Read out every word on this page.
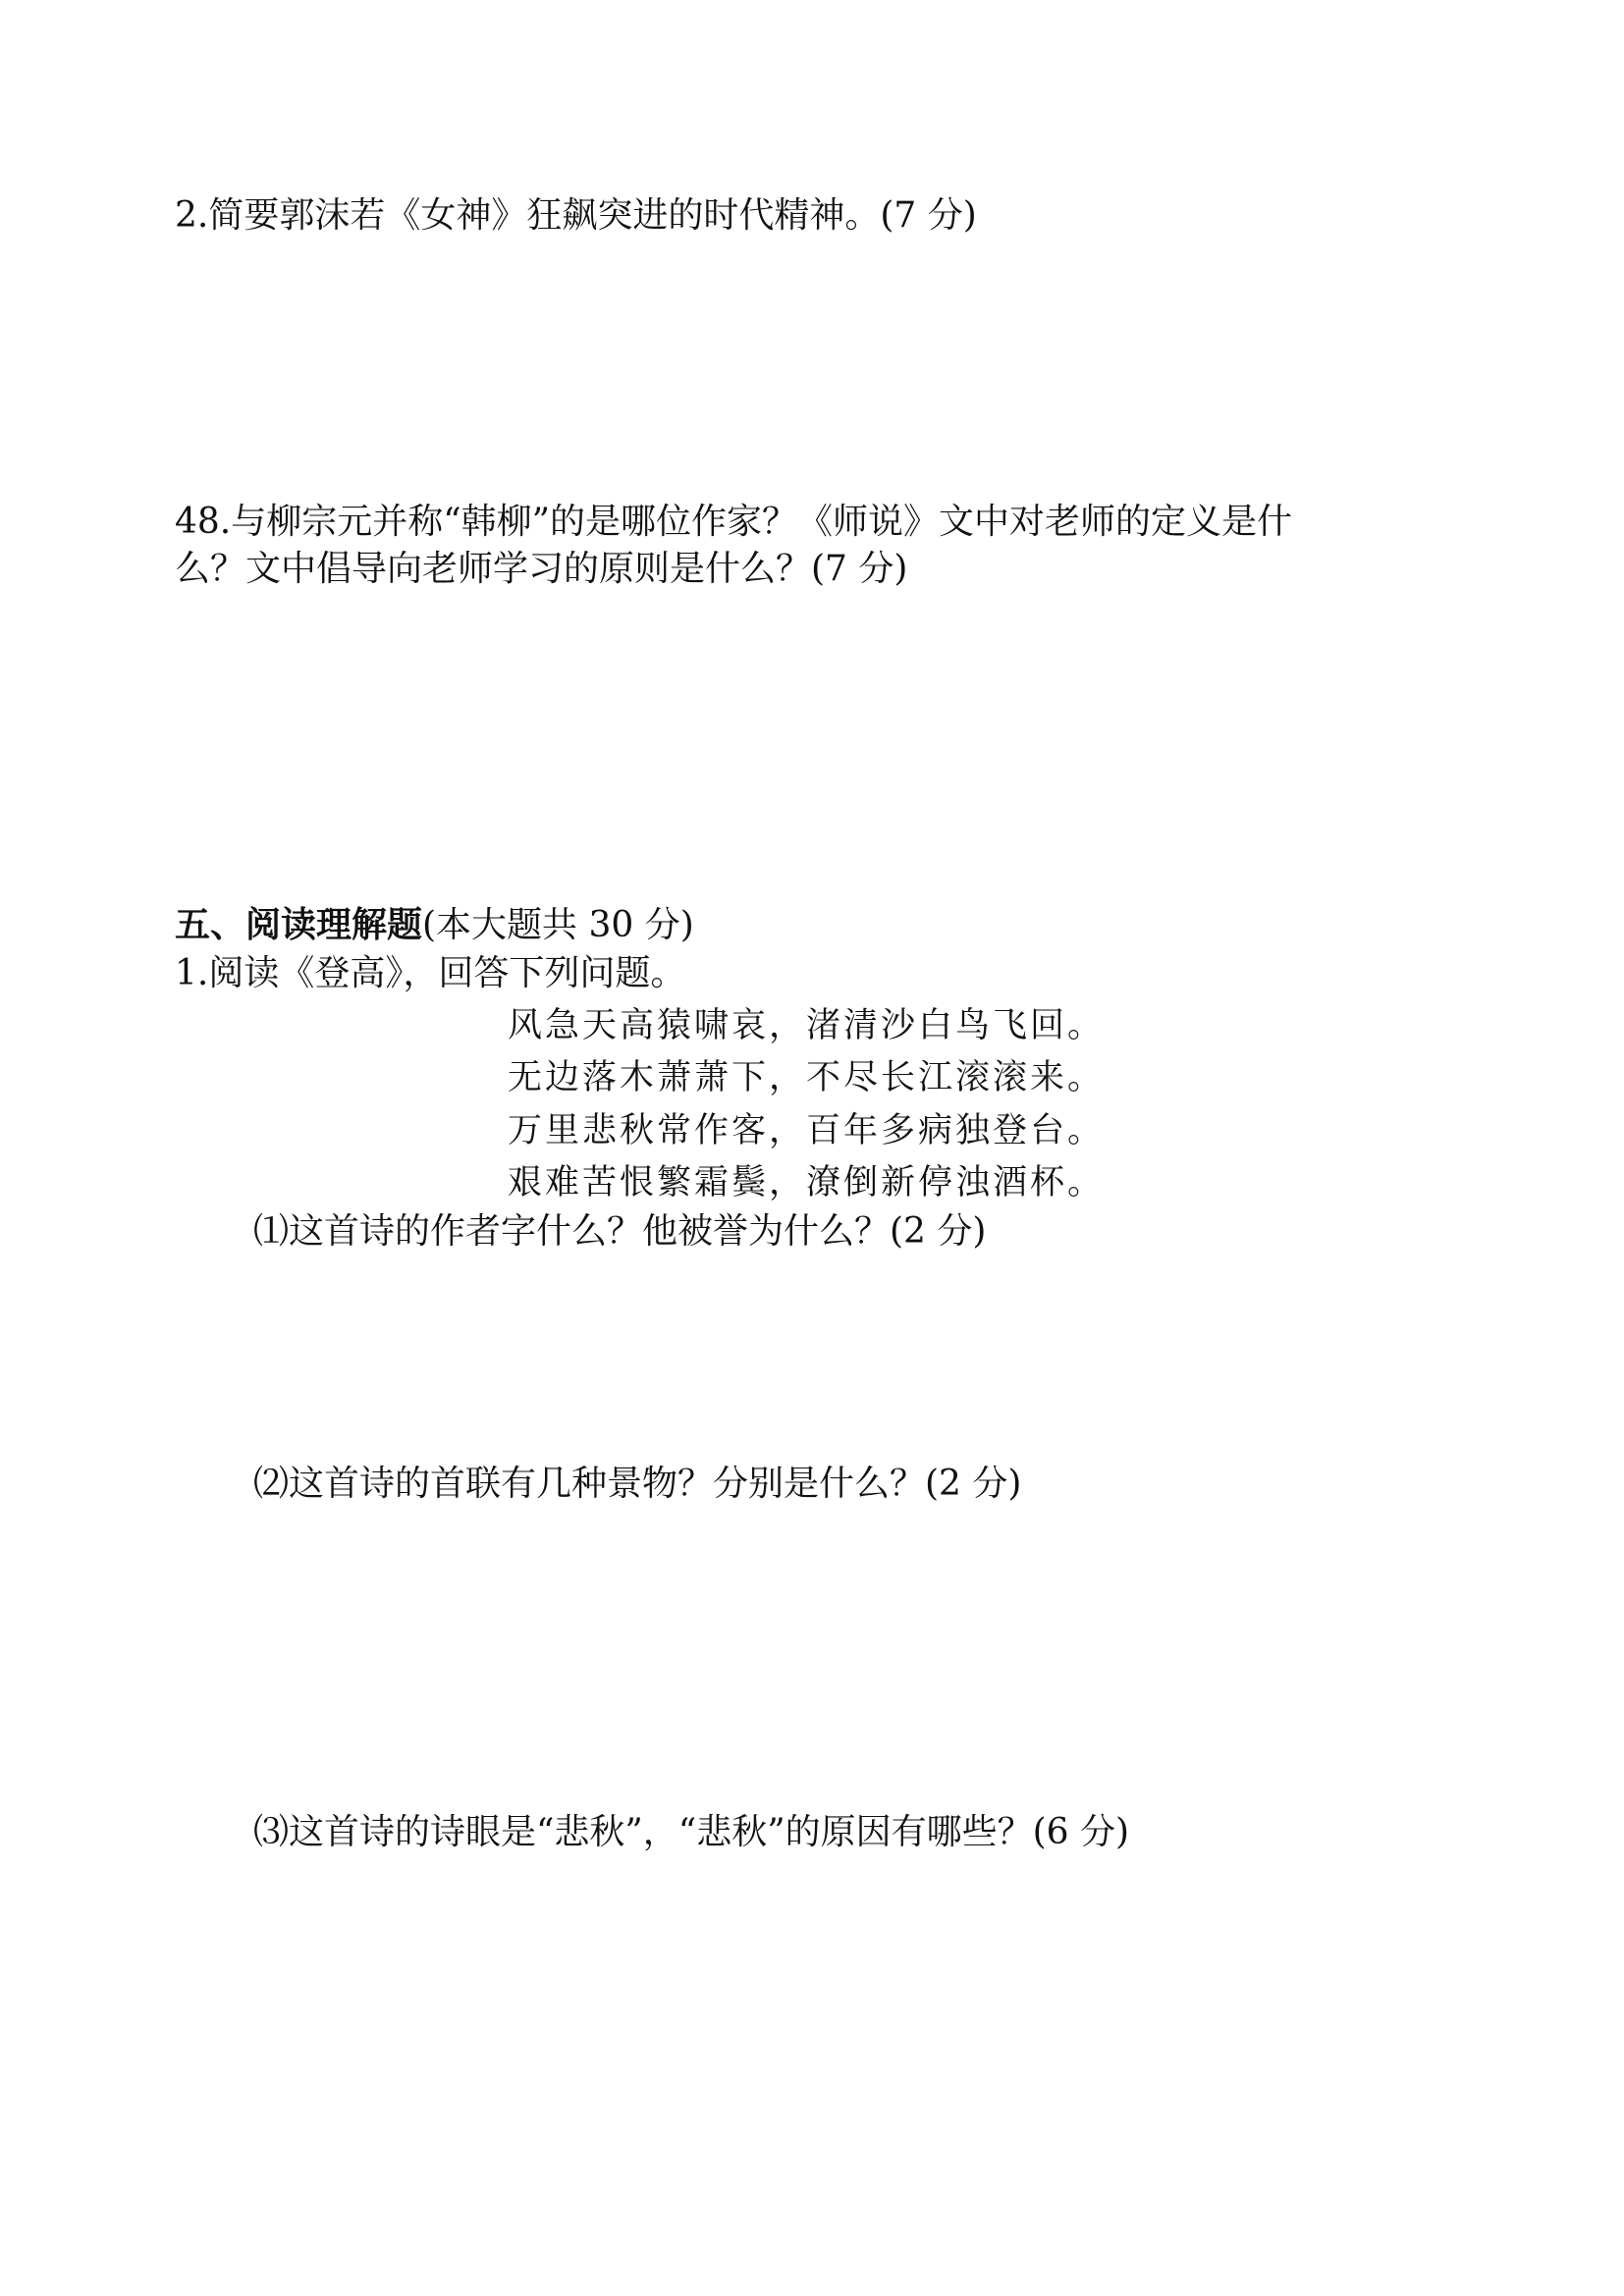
2.简要郭沫若《女神》狂飙突进的时代精神。(7 分)
48.与柳宗元并称“韩柳”的是哪位作家？《师说》文中对老师的定义是什
么？文中倡导向老师学习的原则是什么？(7 分)
五、阅读理解题(本大题共 30 分)
1.阅读《登高》，回答下列问题。
风急天高猿啸哀，渚清沙白鸟飞回。
无边落木萧萧下，不尽长江滚滚来。
万里悲秋常作客，百年多病独登台。
艰难苦恨繁霜鬓，潦倒新停浊酒杯。
⑴这首诗的作者字什么？他被誉为什么？(2 分)
⑵这首诗的首联有几种景物？分别是什么？(2 分)
⑶这首诗的诗眼是“悲秋”，“悲秋”的原因有哪些？(6 分)
